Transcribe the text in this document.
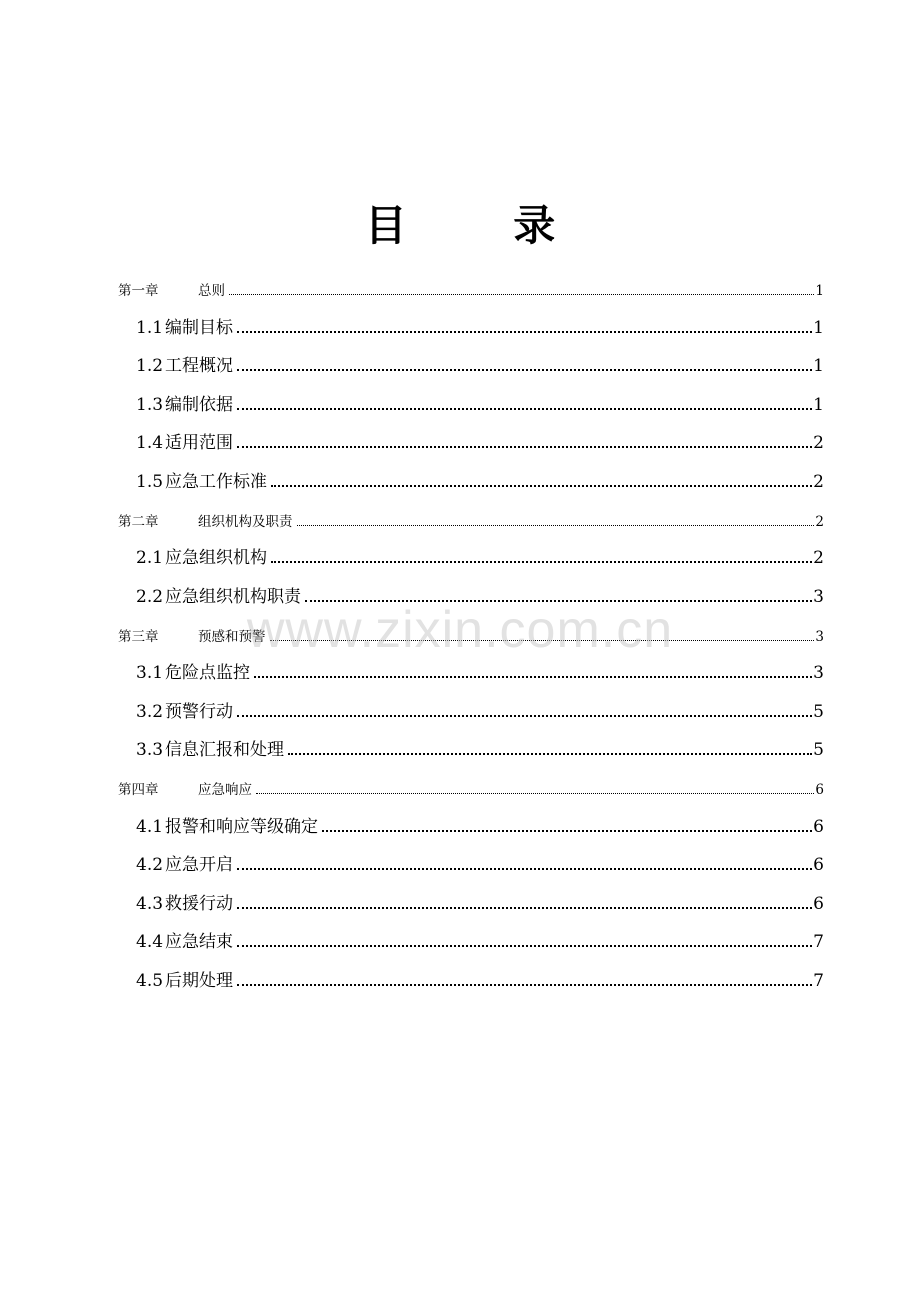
目 录
第一章	总则	1
1.1 编制目标	1
1.2 工程概况	1
1.3 编制依据	1
1.4 适用范围	2
1.5 应急工作标准	2
第二章	组织机构及职责	2
2.1 应急组织机构	2
2.2 应急组织机构职责	3
第三章	预感和预警	3
3.1 危险点监控	3
3.2 预警行动	5
3.3 信息汇报和处理	5
第四章	应急响应	6
4.1 报警和响应等级确定	6
4.2 应急开启	6
4.3 救援行动	6
4.4 应急结束	7
4.5 后期处理	7
www.zixin.com.cn
